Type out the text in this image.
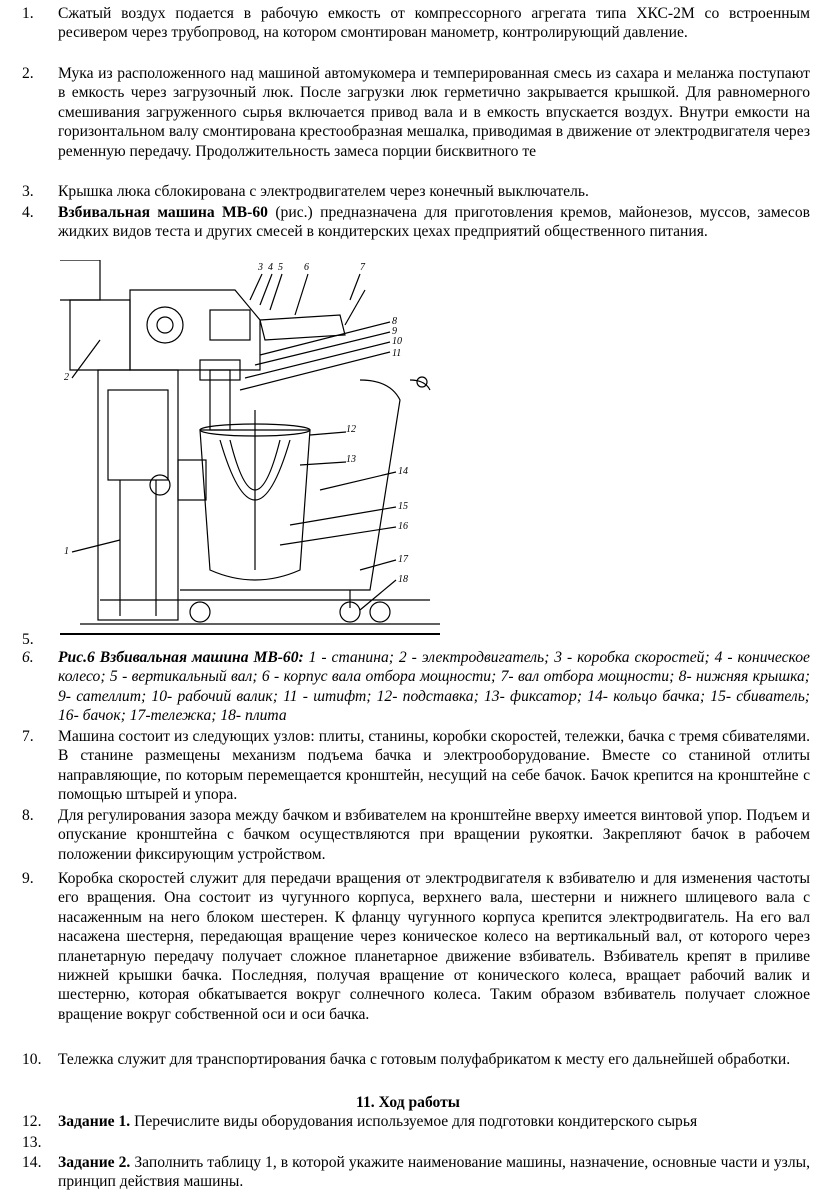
1.	Сжатый воздух подается в рабочую емкость от компрессорного агрегата типа ХКС-2М со встроенным ресивером через трубопровод, на котором смонтирован манометр, контролирующий давление.
2.	Мука из расположенного над машиной автомукомера и темперированная смесь из сахара и меланжа поступают в емкость через загрузочный люк. После загрузки люк герметично закрывается крышкой. Для равномерного смешивания загруженного сырья включается привод вала и в емкость впускается воздух. Внутри емкости на горизонтальном валу смонтирована крестообразная мешалка, приводимая в движение от электродвигателя через ременную передачу. Продолжительность замеса порции бисквитного те
3.	Крышка люка сблокирована с электродвигателем через конечный выключатель.
4.	Взбивальная машина МВ-60 (рис.) предназначена для приготовления кремов, майонезов, муссов, замесов жидких видов теста и других смесей в кондитерских цехах предприятий общественного питания.
3 4 5 6	7
8
9
10
11
12
13
14
15
16
17
18
1
2
5.
6.	Рис.6 Взбивальная машина МВ-60: 1 - станина; 2 - электродвигатель; 3 - коробка скоростей; 4 - коническое колесо; 5 - вертикальный вал; 6 - корпус вала отбора мощности; 7- вал отбора мощности; 8- нижняя крышка; 9- сателлит; 10- рабочий валик; 11 - штифт; 12- подставка; 13- фиксатор; 14- кольцо бачка; 15- сбиватель; 16- бачок; 17-тележка; 18- плита
7.	Машина состоит из следующих узлов: плиты, станины, коробки скоростей, тележки, бачка с тремя сбивателями. В станине размещены механизм подъема бачка и электрооборудование. Вместе со станиной отлиты направляющие, по которым перемещается кронштейн, несущий на себе бачок. Бачок крепится на кронштейне с помощью штырей и упора.
8.	Для регулирования зазора между бачком и взбивателем на кронштейне вверху имеется винтовой упор. Подъем и опускание кронштейна с бачком осуществляются при вращении рукоятки. Закрепляют бачок в рабочем положении фиксирующим устройством.
9.	Коробка скоростей служит для передачи вращения от электродвигателя к взбивателю и для изменения частоты его вращения. Она состоит из чугунного корпуса, верхнего вала, шестерни и нижнего шлицевого вала с насаженным на него блоком шестерен. К фланцу чугунного корпуса крепится электродвигатель. На его вал насажена шестерня, передающая вращение через коническое колесо на вертикальный вал, от которого через планетарную передачу получает сложное планетарное движение взбиватель. Взбиватель крепят в приливе нижней крышки бачка. Последняя, получая вращение от конического колеса, вращает рабочий валик и шестерню, которая обкатывается вокруг солнечного колеса. Таким образом взбиватель получает сложное вращение вокруг собственной оси и оси бачка.
10.	Тележка служит для транспортирования бачка с готовым полуфабрикатом к месту его дальнейшей обработки.
11. Ход работы
12.	Задание 1. Перечислите виды оборудования используемое для подготовки кондитерского сырья
13.
14.	Задание 2. Заполнить таблицу 1, в которой укажите наименование машины, назначение, основные части и узлы, принцип действия машины.
